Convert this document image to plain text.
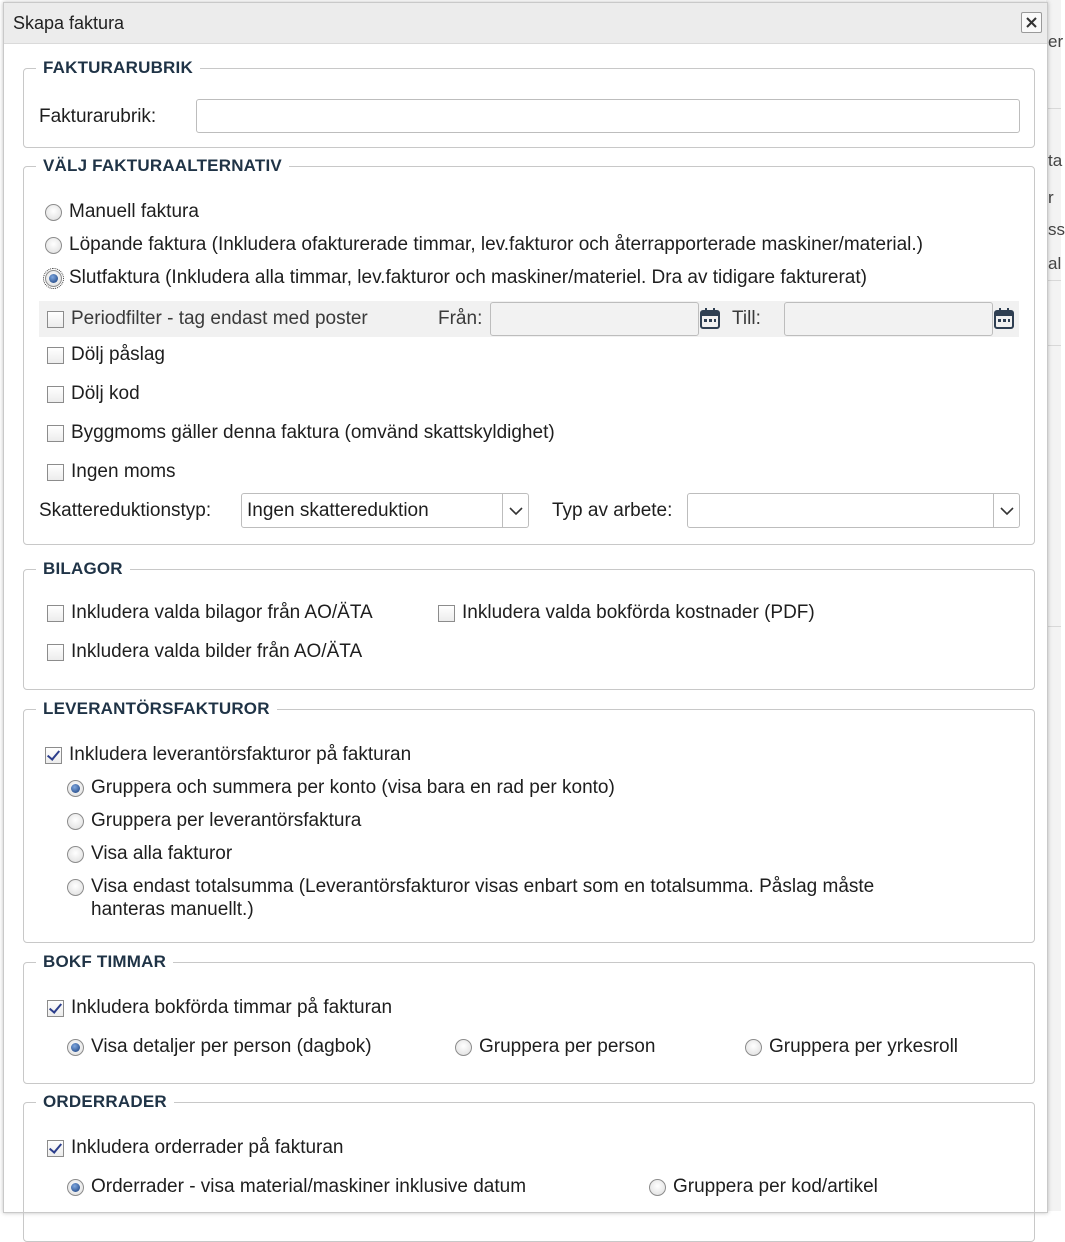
er
ta
r
ss
al
Skapa faktura
FAKTURARUBRIK
Fakturarubrik:
VÄLJ FAKTURAALTERNATIV
Manuell faktura
Löpande faktura (Inkludera ofakturerade timmar, lev.fakturor och återrapporterade maskiner/material.)
Slutfaktura (Inkludera alla timmar, lev.fakturor och maskiner/materiel. Dra av tidigare fakturerat)
Periodfilter - tag endast med poster	Från:	Till:
Dölj påslag
Dölj kod
Byggmoms gäller denna faktura (omvänd skattskyldighet)
Ingen moms
Skattereduktionstyp: Ingen skattereduktion	Typ av arbete:
BILAGOR
Inkludera valda bilagor från AO/ÄTA	Inkludera valda bokförda kostnader (PDF)
Inkludera valda bilder från AO/ÄTA
LEVERANTÖRSFAKTUROR
Inkludera leverantörsfakturor på fakturan
Gruppera och summera per konto (visa bara en rad per konto)
Gruppera per leverantörsfaktura
Visa alla fakturor
Visa endast totalsumma (Leverantörsfakturor visas enbart som en totalsumma. Påslag måste
hanteras manuellt.)
BOKF TIMMAR
Inkludera bokförda timmar på fakturan
Visa detaljer per person (dagbok)	Gruppera per person	Gruppera per yrkesroll
ORDERRADER
Inkludera orderrader på fakturan
Orderrader - visa material/maskiner inklusive datum	Gruppera per kod/artikel
